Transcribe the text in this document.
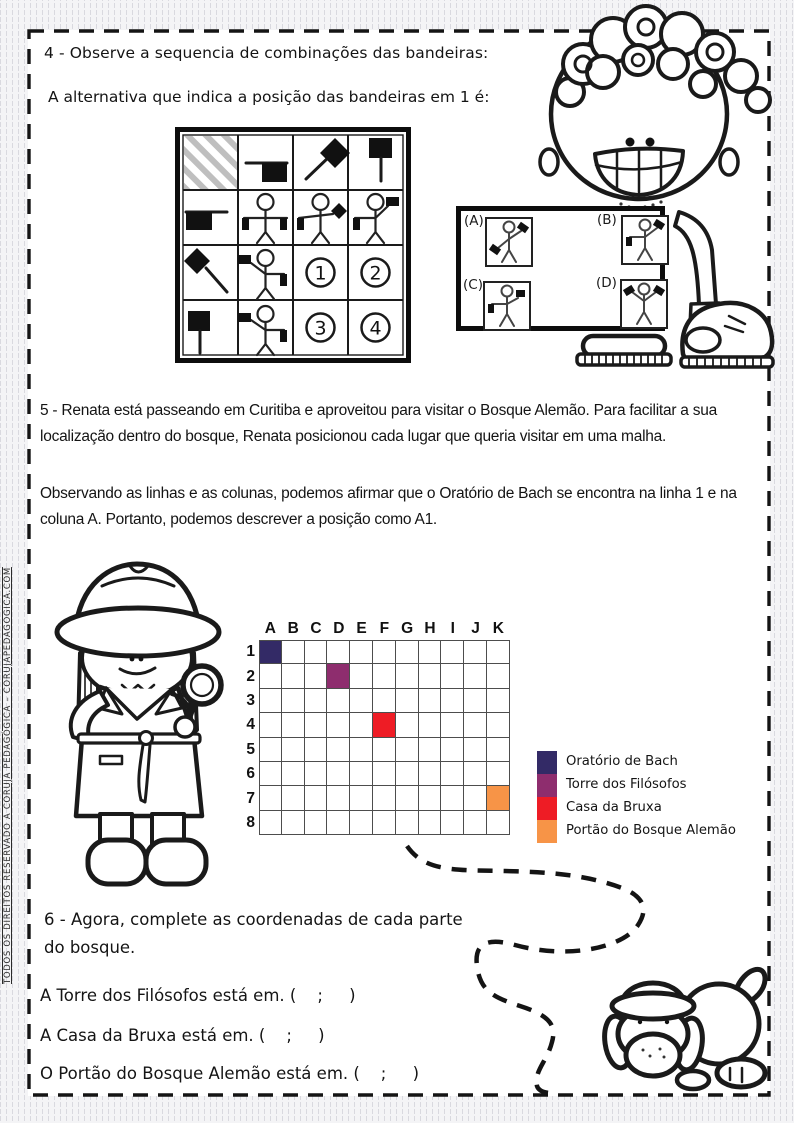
TODOS OS DIREITOS RESERVADO A CORUJA PEDAGÓGICA – CORUJAPEDAGOGICA.COM
4 - Observe a sequencia de combinações das bandeiras:
A alternativa que indica a posição das bandeiras em 1 é:
1 2
3 4
(A)	(B)
(C)	(D)
5 - Renata está passeando em Curitiba e aproveitou para visitar o Bosque Alemão. Para facilitar a sua localização dentro do bosque, Renata posicionou cada lugar que queria visitar em uma malha.
Observando as linhas e as colunas, podemos afirmar que o Oratório de Bach se encontra na linha 1 e na coluna A. Portanto, podemos descrever a posição como A1.
A B C D E F G H I	J K
1
2
3
4
5
6
7
8
Oratório de Bach
Torre dos Filósofos
Casa da Bruxa
Portão do Bosque Alemão
6 - Agora, complete as coordenadas de cada parte do bosque.
A Torre dos Filósofos está em. (    ;     )
A Casa da Bruxa está em. (    ;     )
O Portão do Bosque Alemão está em. (    ;     )
